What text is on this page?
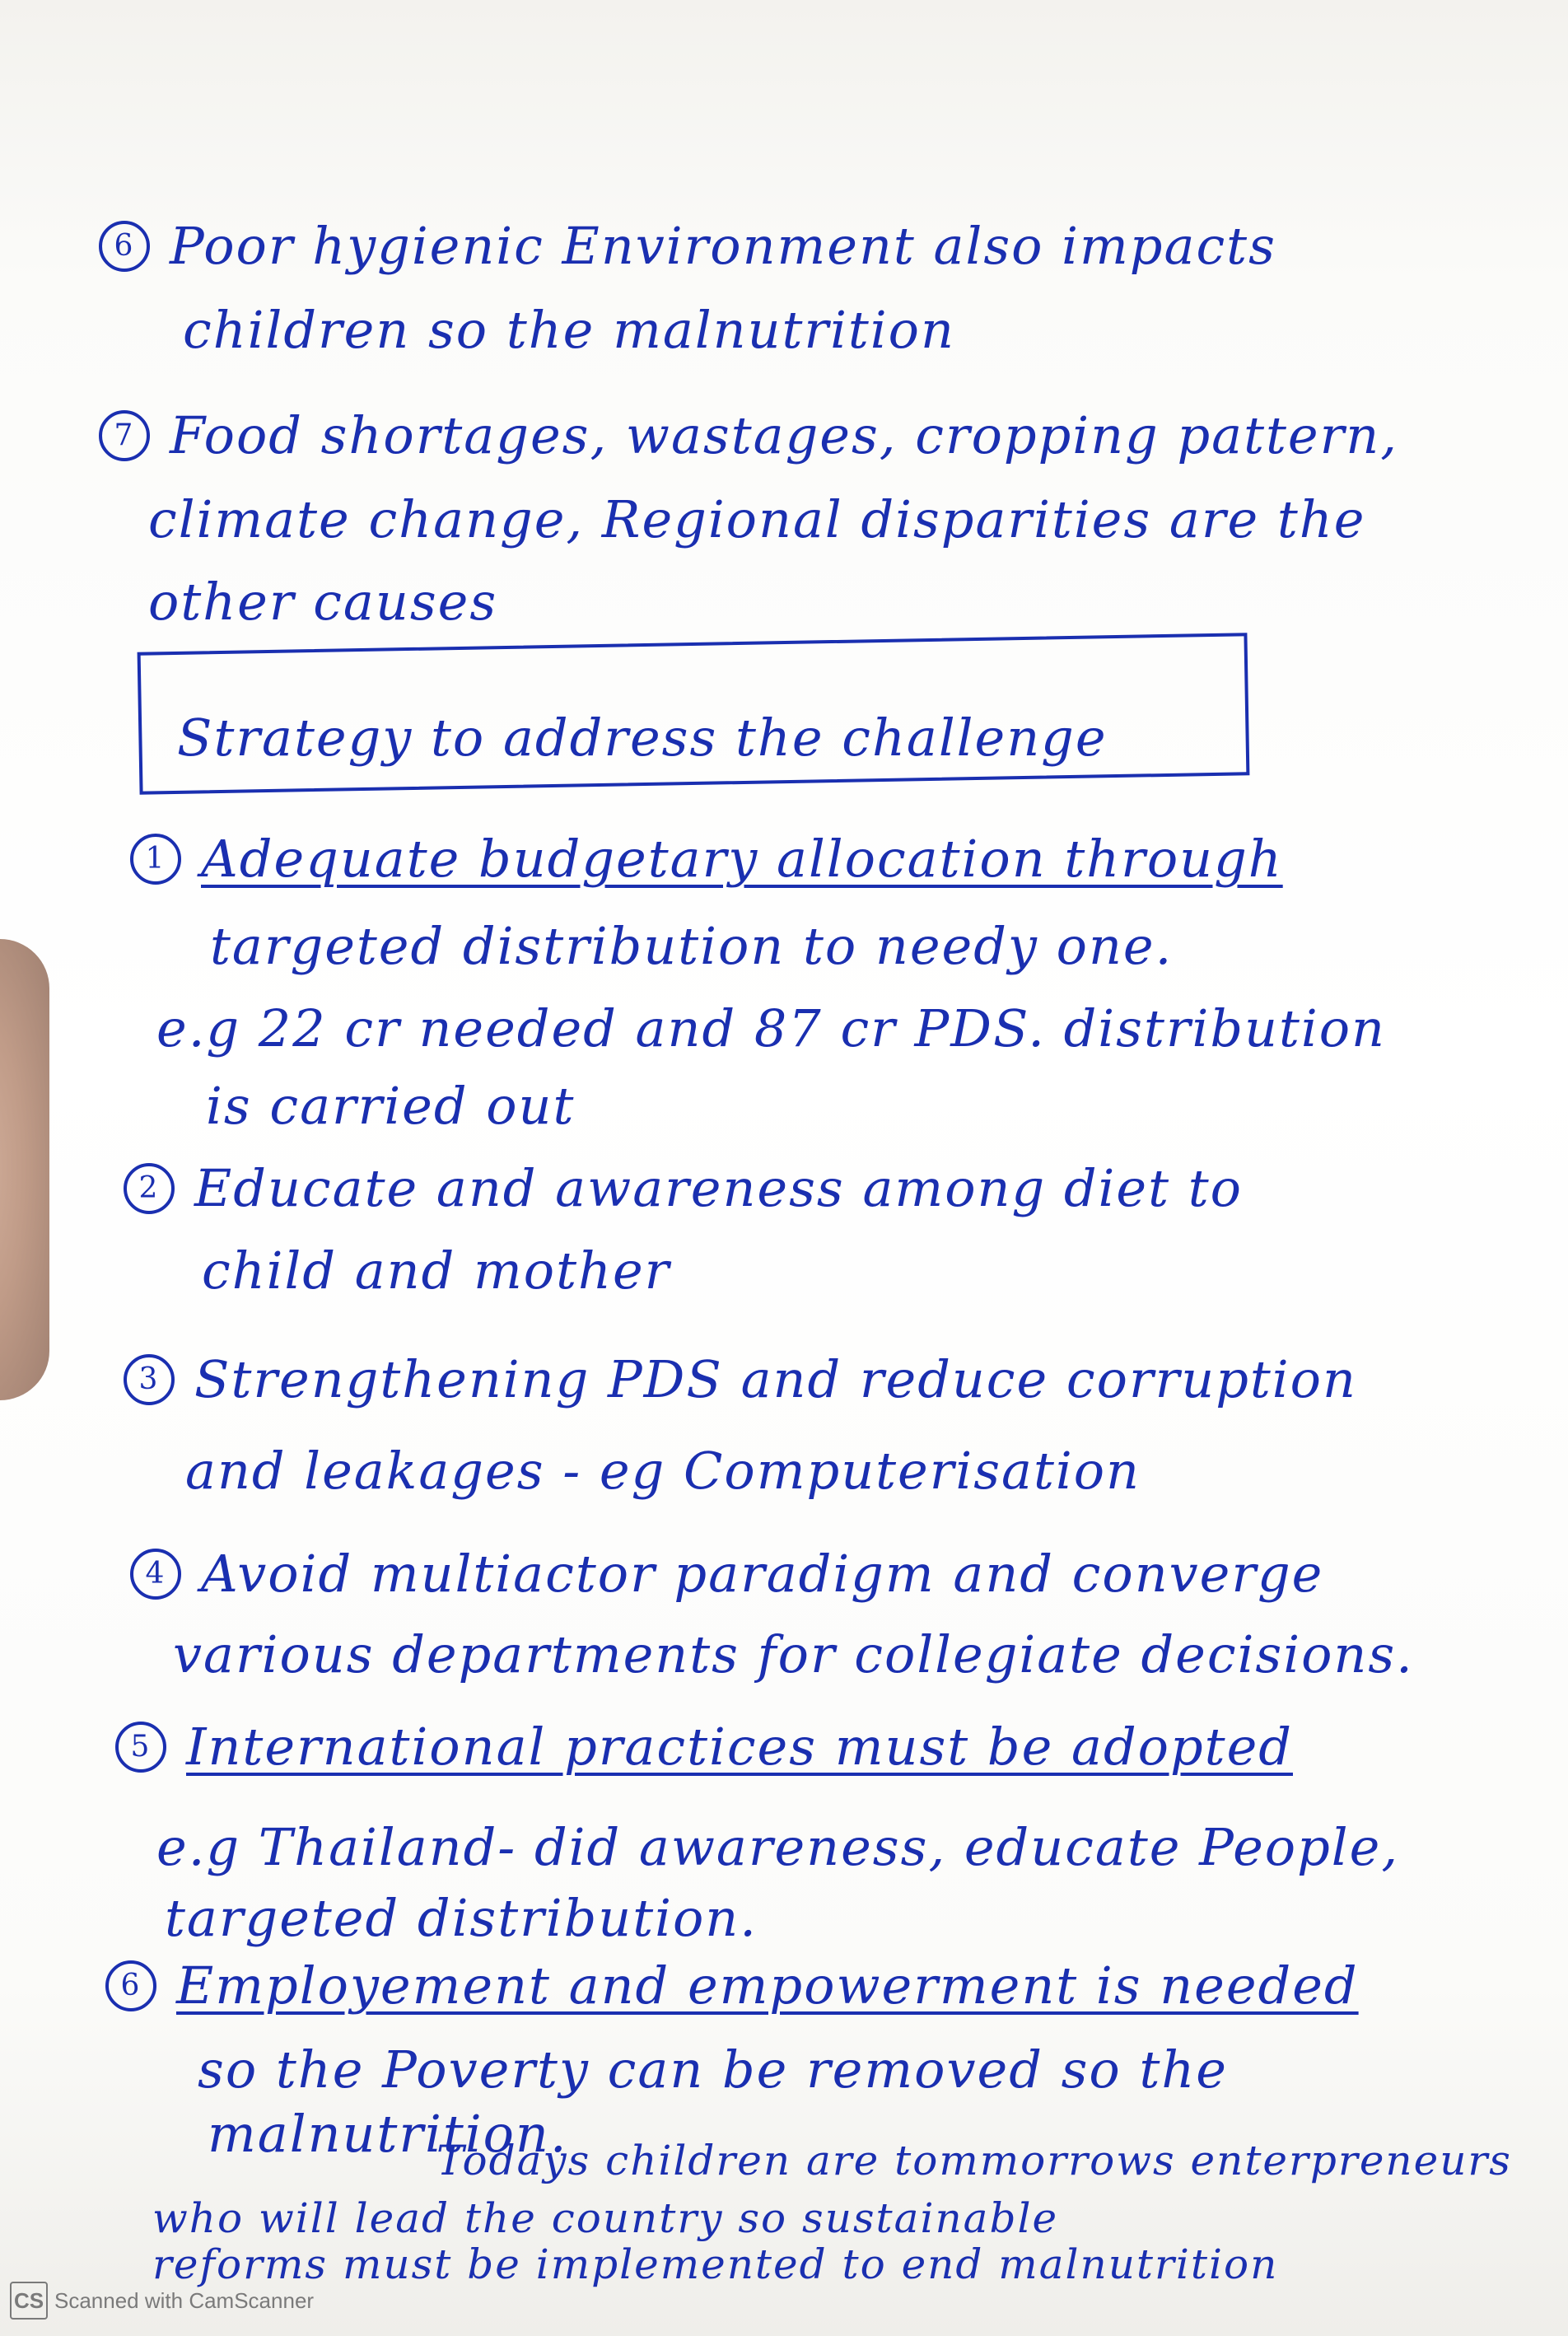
6 Poor hygienic Environment also impacts
children so the malnutrition
7 Food shortages, wastages, cropping pattern,
climate change, Regional disparities are the
other causes
Strategy to address the challenge
1 Adequate budgetary allocation through
targeted distribution to needy one.
e.g 22 cr needed and 87 cr PDS. distribution
is carried out
2 Educate and awareness among diet to
child and mother
3 Strengthening PDS and reduce corruption
and leakages - eg Computerisation
4 Avoid multiactor paradigm and converge
various departments for collegiate decisions.
5 International practices must be adopted
e.g Thailand- did awareness, educate People,
targeted distribution.
6 Employement and empowerment is needed
so the Poverty can be removed so the
malnutrition.
Todays children are tommorrows enterpreneurs
who will lead the country so sustainable
reforms must be implemented to end malnutrition
CS Scanned with CamScanner
